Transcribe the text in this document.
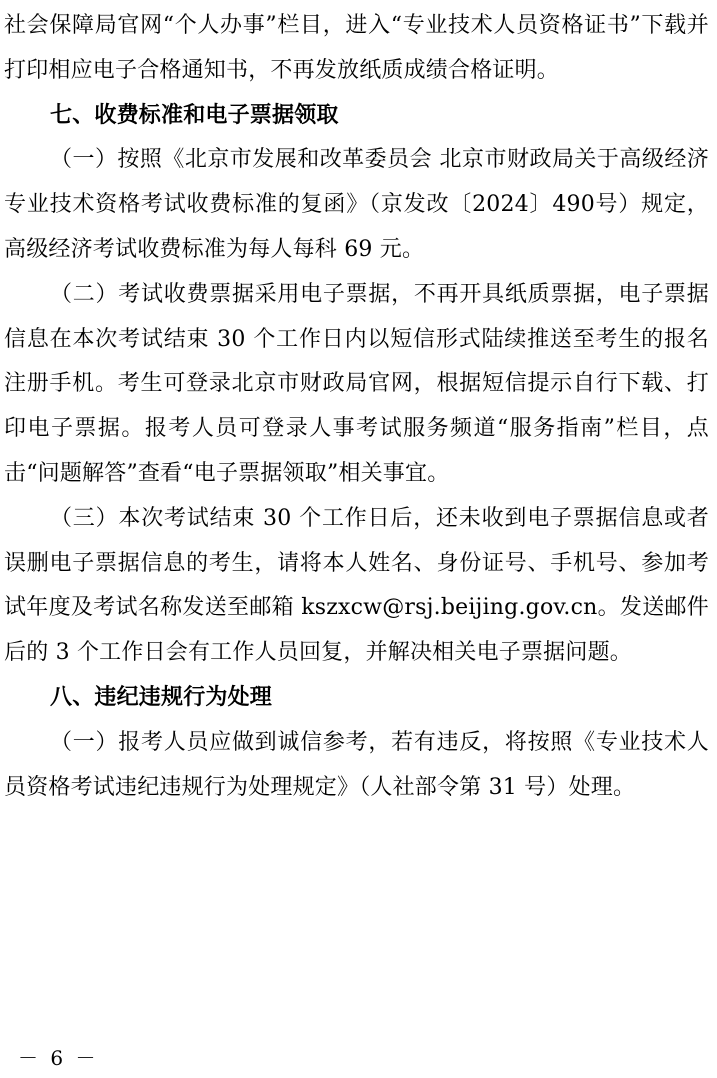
社会保障局官网“个人办事”栏目，进入“专业技术人员资格证书”下载并打印相应电子合格通知书，不再发放纸质成绩合格证明。

七、收费标准和电子票据领取

（一）按照《北京市发展和改革委员会 北京市财政局关于高级经济专业技术资格考试收费标准的复函》（京发改〔2024〕490号）规定，高级经济考试收费标准为每人每科 69 元。

（二）考试收费票据采用电子票据，不再开具纸质票据，电子票据信息在本次考试结束 30 个工作日内以短信形式陆续推送至考生的报名注册手机。考生可登录北京市财政局官网，根据短信提示自行下载、打印电子票据。报考人员可登录人事考试服务频道“服务指南”栏目，点击“问题解答”查看“电子票据领取”相关事宜。

（三）本次考试结束 30 个工作日后，还未收到电子票据信息或者误删电子票据信息的考生，请将本人姓名、身份证号、手机号、参加考试年度及考试名称发送至邮箱 kszxcw@rsj.beijing.gov.cn。发送邮件后的 3 个工作日会有工作人员回复，并解决相关电子票据问题。

八、违纪违规行为处理

（一）报考人员应做到诚信参考，若有违反，将按照《专业技术人员资格考试违纪违规行为处理规定》（人社部令第 31 号）处理。

－ 6 －
